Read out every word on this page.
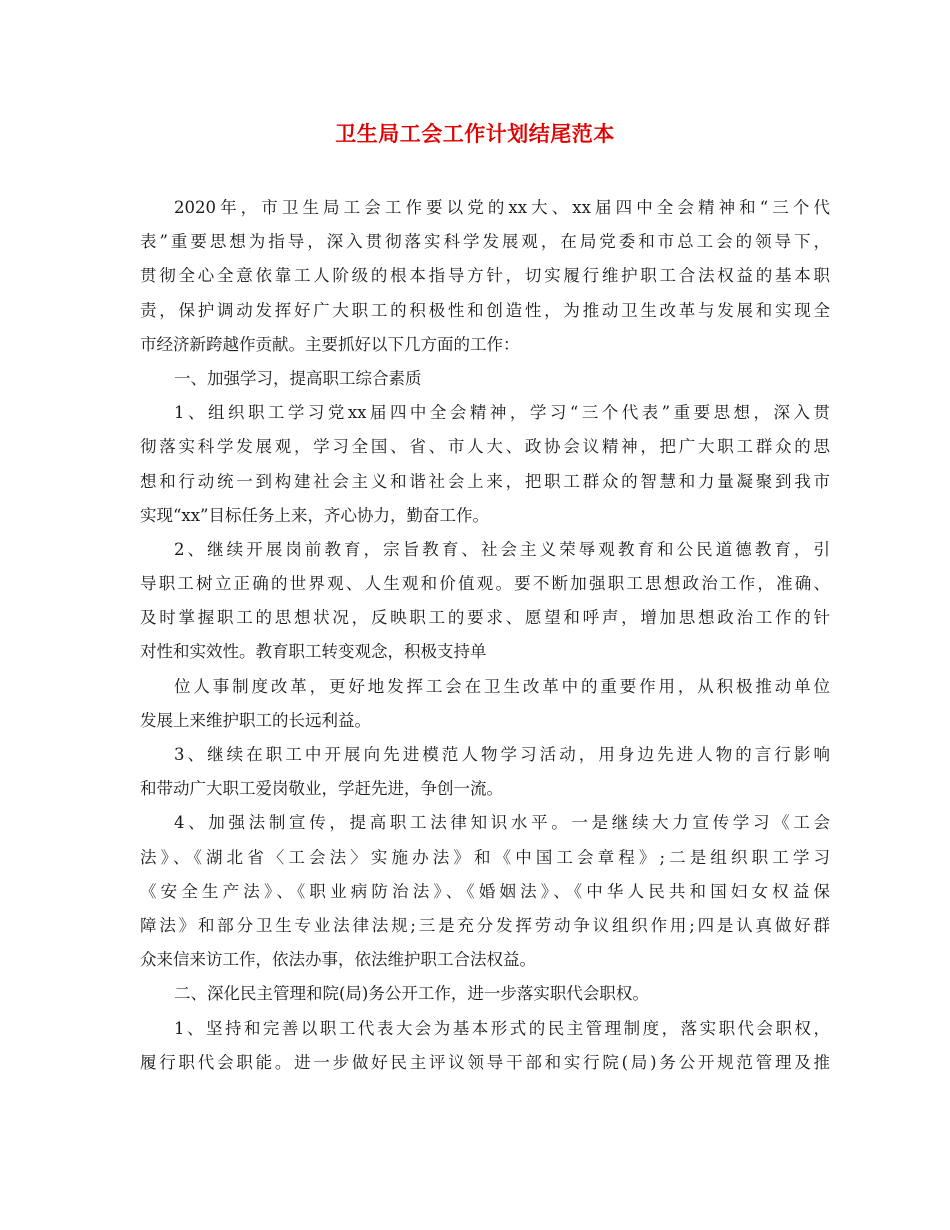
卫生局工会工作计划结尾范本

2020年，市卫生局工会工作要以党的xx大、xx届四中全会精神和“三个代
表”重要思想为指导，深入贯彻落实科学发展观，在局党委和市总工会的领导下，
贯彻全心全意依靠工人阶级的根本指导方针，切实履行维护职工合法权益的基本职
责，保护调动发挥好广大职工的积极性和创造性，为推动卫生改革与发展和实现全
市经济新跨越作贡献。主要抓好以下几方面的工作：

一、加强学习，提高职工综合素质

1、组织职工学习党xx届四中全会精神，学习“三个代表”重要思想，深入贯
彻落实科学发展观，学习全国、省、市人大、政协会议精神，把广大职工群众的思
想和行动统一到构建社会主义和谐社会上来，把职工群众的智慧和力量凝聚到我市
实现“xx”目标任务上来，齐心协力，勤奋工作。

2、继续开展岗前教育，宗旨教育、社会主义荣辱观教育和公民道德教育，引
导职工树立正确的世界观、人生观和价值观。要不断加强职工思想政治工作，准确、
及时掌握职工的思想状况，反映职工的要求、愿望和呼声，增加思想政治工作的针
对性和实效性。教育职工转变观念，积极支持单

位人事制度改革，更好地发挥工会在卫生改革中的重要作用，从积极推动单位
发展上来维护职工的长远利益。

3、继续在职工中开展向先进模范人物学习活动，用身边先进人物的言行影响
和带动广大职工爱岗敬业，学赶先进，争创一流。

4、加强法制宣传，提高职工法律知识水平。一是继续大力宣传学习《工会
法》、《湖北省〈工会法〉实施办法》和《中国工会章程》;二是组织职工学习
《安全生产法》、《职业病防治法》、《婚姻法》、《中华人民共和国妇女权益保
障法》和部分卫生专业法律法规;三是充分发挥劳动争议组织作用;四是认真做好群
众来信来访工作，依法办事，依法维护职工合法权益。

二、深化民主管理和院(局)务公开工作，进一步落实职代会职权。

1、坚持和完善以职工代表大会为基本形式的民主管理制度，落实职代会职权，
履行职代会职能。进一步做好民主评议领导干部和实行院(局)务公开规范管理及推
